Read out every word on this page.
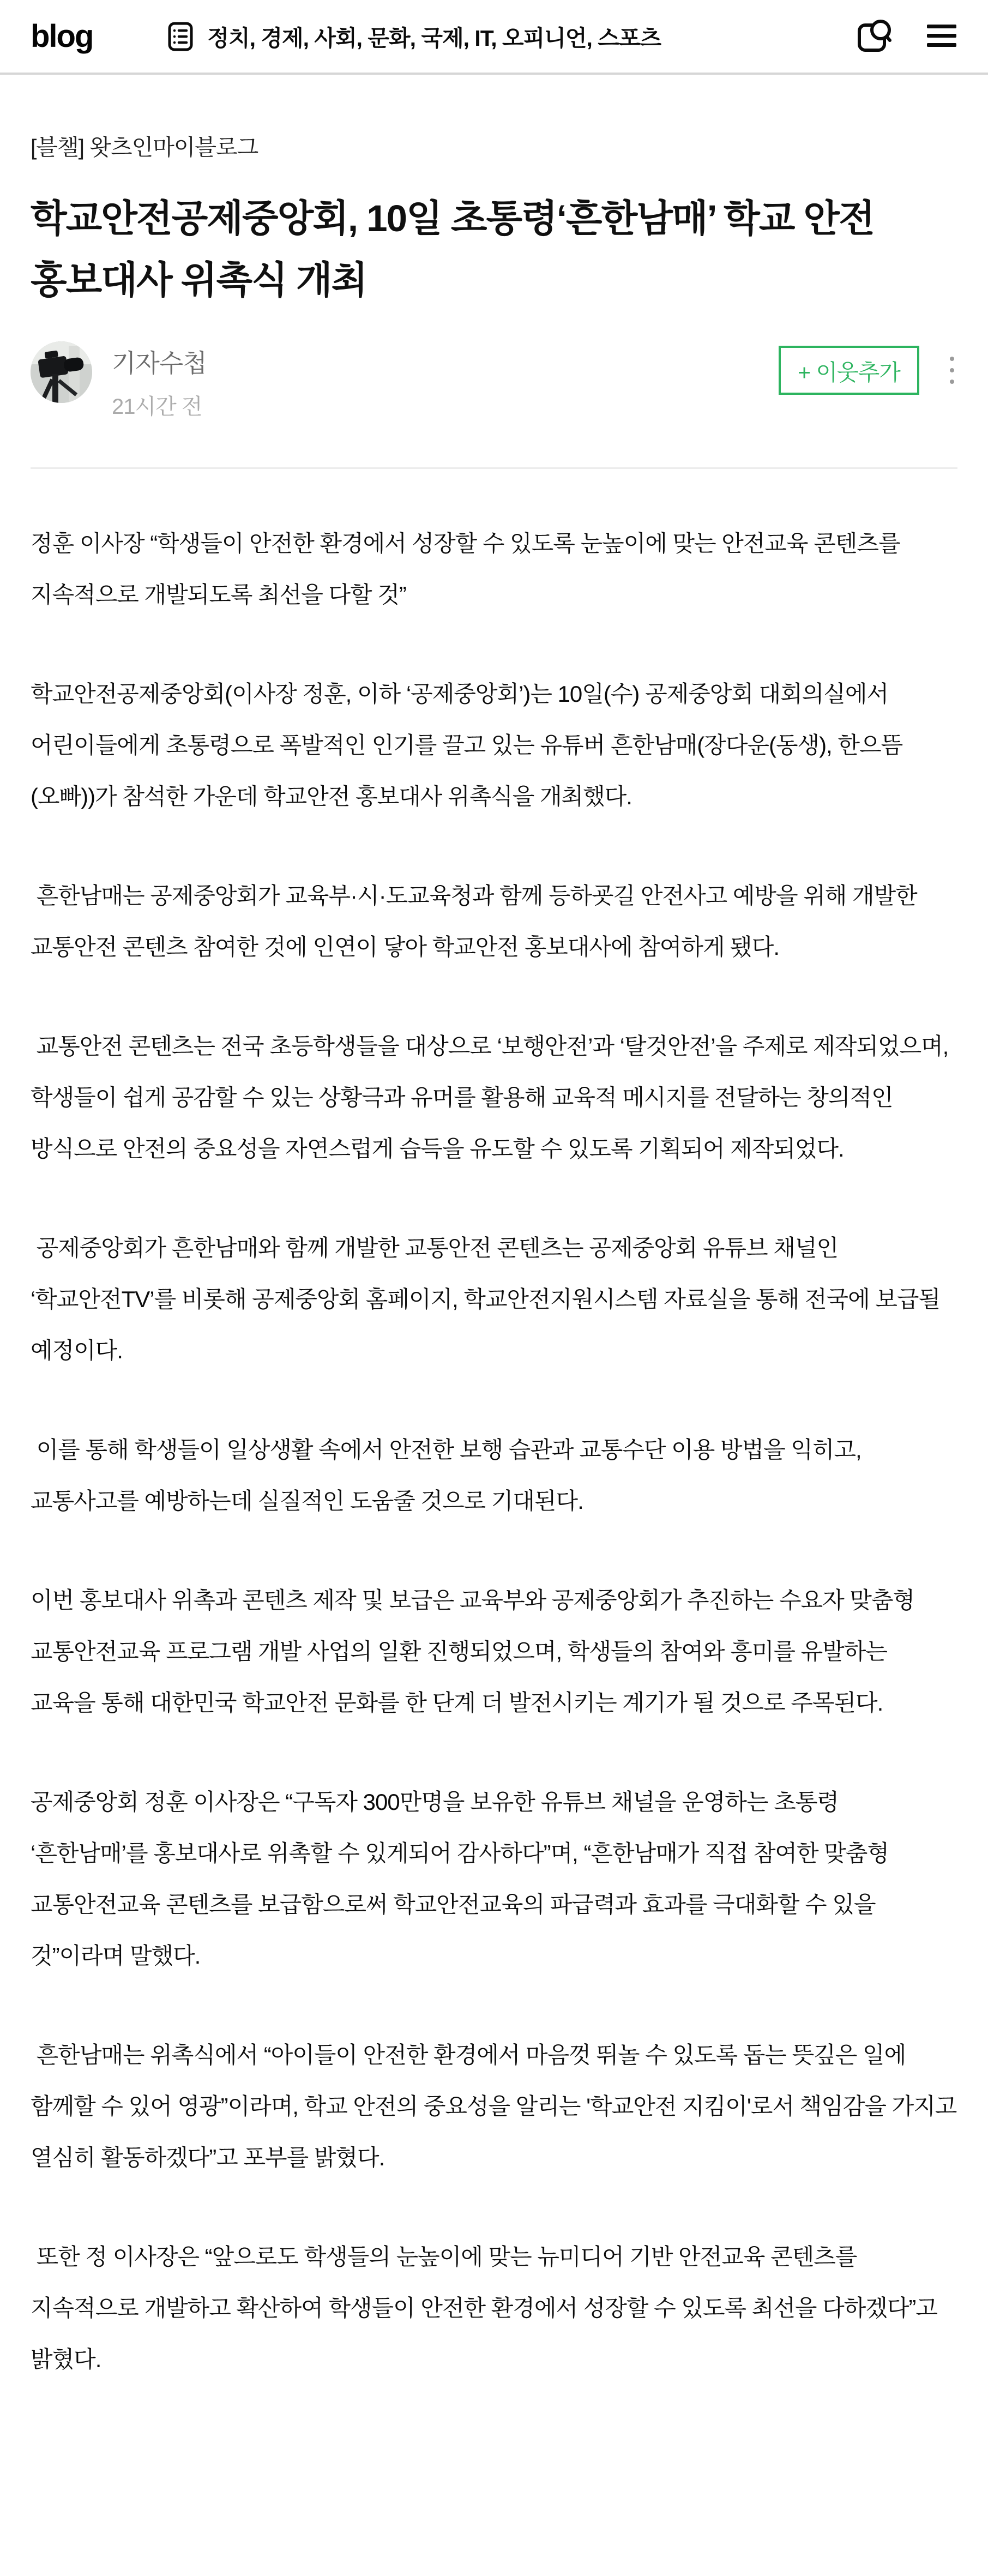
blog	정치, 경제, 사회, 문화, 국제, IT, 오피니언, 스포츠
[블챌] 왓츠인마이블로그
학교안전공제중앙회, 10일 초통령‘흔한남매’ 학교 안전 홍보대사 위촉식 개최
기자수첩
21시간 전
+ 이웃추가

정훈 이사장 “학생들이 안전한 환경에서 성장할 수 있도록 눈높이에 맞는 안전교육 콘텐츠를 지속적으로 개발되도록 최선을 다할 것”

학교안전공제중앙회(이사장 정훈, 이하 ‘공제중앙회’)는 10일(수) 공제중앙회 대회의실에서 어린이들에게 초통령으로 폭발적인 인기를 끌고 있는 유튜버 흔한남매(장다운(동생), 한으뜸(오빠))가 참석한 가운데 학교안전 홍보대사 위촉식을 개최했다.

흔한남매는 공제중앙회가 교육부·시·도교육청과 함께 등하굣길 안전사고 예방을 위해 개발한 교통안전 콘텐츠 참여한 것에 인연이 닿아 학교안전 홍보대사에 참여하게 됐다.

교통안전 콘텐츠는 전국 초등학생들을 대상으로 ‘보행안전’과 ‘탈것안전’을 주제로 제작되었으며, 학생들이 쉽게 공감할 수 있는 상황극과 유머를 활용해 교육적 메시지를 전달하는 창의적인 방식으로 안전의 중요성을 자연스럽게 습득을 유도할 수 있도록 기획되어 제작되었다.

공제중앙회가 흔한남매와 함께 개발한 교통안전 콘텐츠는 공제중앙회 유튜브 채널인 ‘학교안전TV’를 비롯해 공제중앙회 홈페이지, 학교안전지원시스템 자료실을 통해 전국에 보급될 예정이다.

이를 통해 학생들이 일상생활 속에서 안전한 보행 습관과 교통수단 이용 방법을 익히고, 교통사고를 예방하는데 실질적인 도움줄 것으로 기대된다.

이번 홍보대사 위촉과 콘텐츠 제작 및 보급은 교육부와 공제중앙회가 추진하는 수요자 맞춤형 교통안전교육 프로그램 개발 사업의 일환 진행되었으며, 학생들의 참여와 흥미를 유발하는 교육을 통해 대한민국 학교안전 문화를 한 단계 더 발전시키는 계기가 될 것으로 주목된다.

공제중앙회 정훈 이사장은 “구독자 300만명을 보유한 유튜브 채널을 운영하는 초통령 ‘흔한남매’를 홍보대사로 위촉할 수 있게되어 감사하다”며, “흔한남매가 직접 참여한 맞춤형 교통안전교육 콘텐츠를 보급함으로써 학교안전교육의 파급력과 효과를 극대화할 수 있을 것”이라며 말했다.

흔한남매는 위촉식에서 “아이들이 안전한 환경에서 마음껏 뛰놀 수 있도록 돕는 뜻깊은 일에 함께할 수 있어 영광”이라며, 학교 안전의 중요성을 알리는 '학교안전 지킴이'로서 책임감을 가지고 열심히 활동하겠다”고 포부를 밝혔다.

또한 정 이사장은 “앞으로도 학생들의 눈높이에 맞는 뉴미디어 기반 안전교육 콘텐츠를 지속적으로 개발하고 확산하여 학생들이 안전한 환경에서 성장할 수 있도록 최선을 다하겠다”고 밝혔다.
